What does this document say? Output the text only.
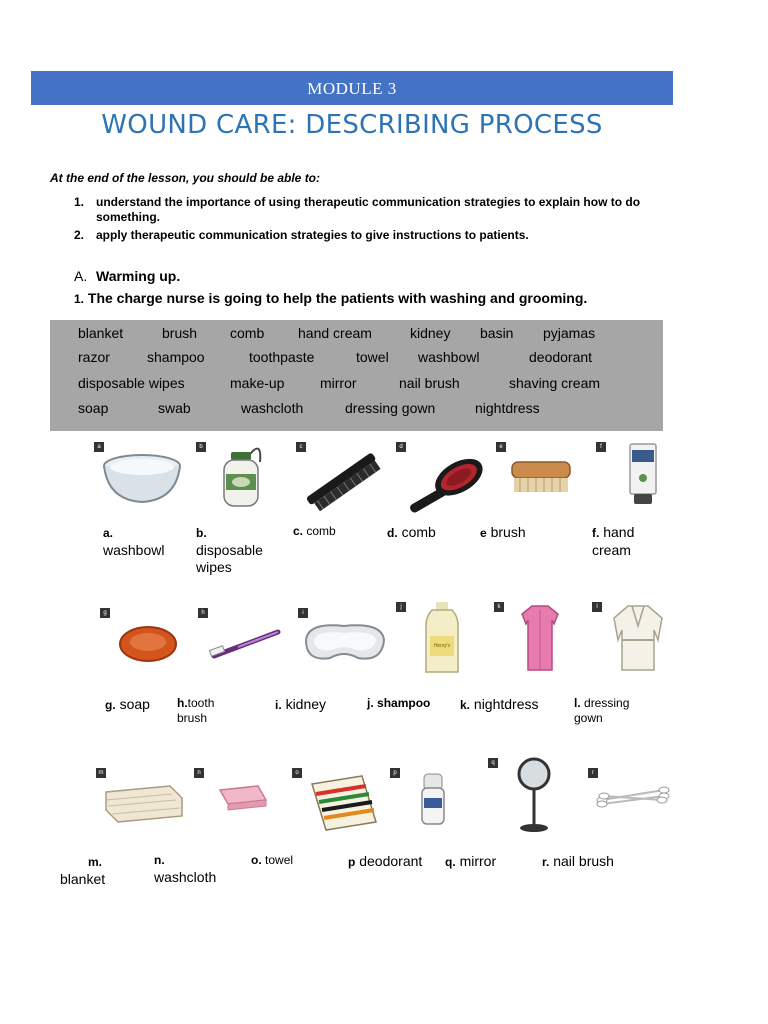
MODULE 3
WOUND CARE: DESCRIBING PROCESS
At the end of the lesson, you should be able to:
1. understand the importance of using therapeutic communication strategies to explain how to do something.
2. apply therapeutic communication strategies to give instructions to patients.
A. Warming up.
1. The charge nurse is going to help the patients with washing and grooming.
blanket	brush comb hand cream	kidney basin pyjamas
razor	shampoo	toothpaste	towel washbowl	deodorant
disposable wipes	make-up	mirror	nail brush	shaving cream
soap	swab	washcloth	dressing gown	nightdress
a	b	c	d	e	f
a.
washbowl
b.
disposable
wipes
c. comb	d. comb	e brush	f. hand
cream
g	h	i
j
Henry's
k	l
g. soap h.tooth
brush
i. kidney	j. shampoo k. nightdress	l. dressing
gown
m	n	o	p
q
r
m.
blanket
n.
washcloth
o. towel	p deodorant q. mirror	r. nail brush
